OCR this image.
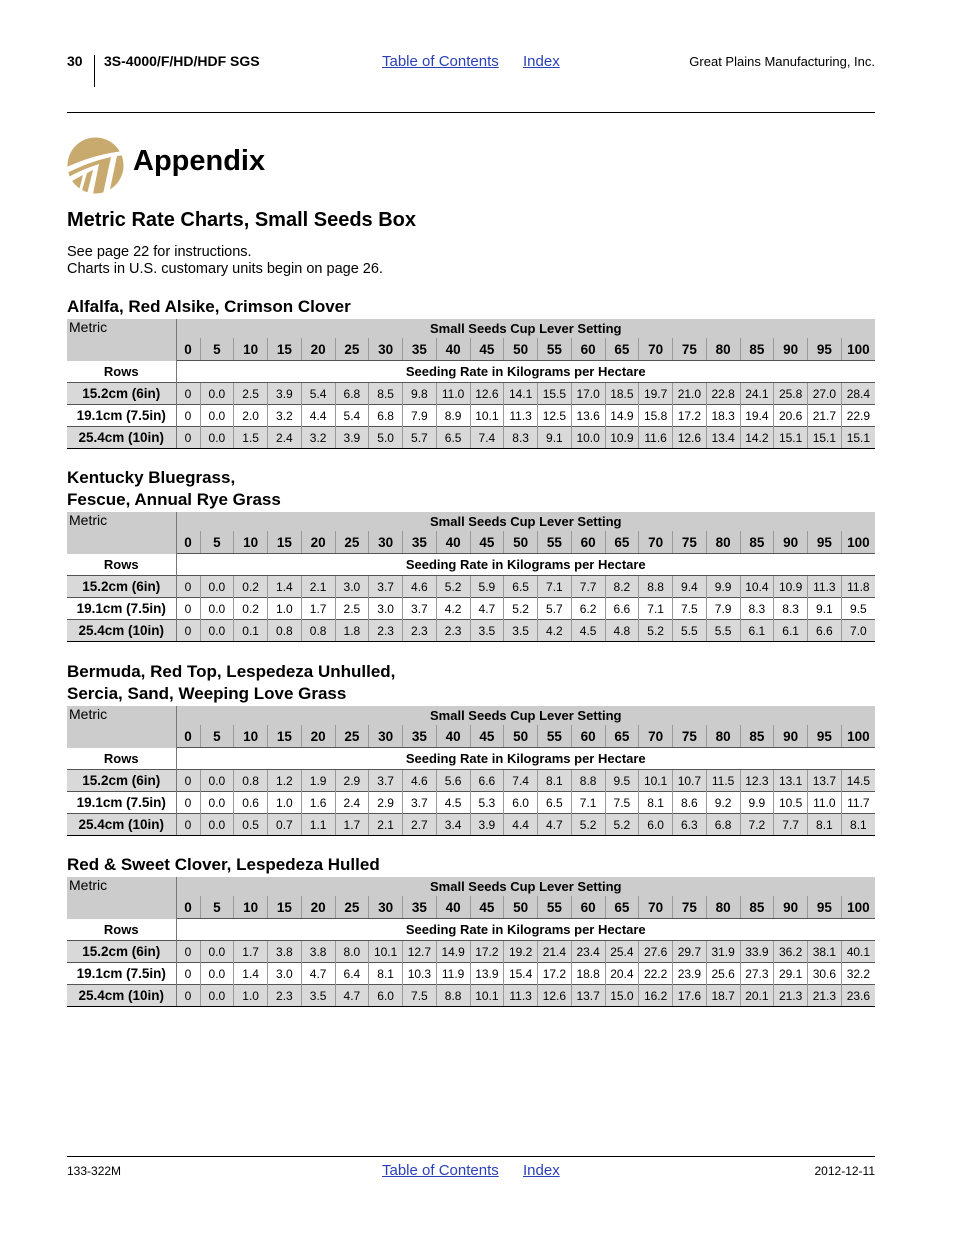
30 3S-4000/F/HD/HDF SGS	Table of Contents Index	Great Plains Manufacturing, Inc.
Appendix
Metric Rate Charts, Small Seeds Box
See page 22 for instructions.
Charts in U.S. customary units begin on page 26.
Alfalfa, Red Alsike, Crimson Clover
Metric	Small Seeds Cup Lever Setting																				
	0	5	10	15	20	25	30	35	40	45	50	55	60	65	70	75	80	85	90	95	100
Rows	Seeding Rate in Kilograms per Hectare																				
15.2cm (6in)	0	0.0	2.5	3.9	5.4	6.8	8.5	9.8	11.0	12.6	14.1	15.5	17.0	18.5	19.7	21.0	22.8	24.1	25.8	27.0	28.4
19.1cm (7.5in)	0	0.0	2.0	3.2	4.4	5.4	6.8	7.9	8.9	10.1	11.3	12.5	13.6	14.9	15.8	17.2	18.3	19.4	20.6	21.7	22.9
25.4cm (10in)	0	0.0	1.5	2.4	3.2	3.9	5.0	5.7	6.5	7.4	8.3	9.1	10.0	10.9	11.6	12.6	13.4	14.2	15.1	15.1	15.1
Kentucky Bluegrass,
Fescue, Annual Rye Grass
Metric	Small Seeds Cup Lever Setting																				
	0	5	10	15	20	25	30	35	40	45	50	55	60	65	70	75	80	85	90	95	100
Rows	Seeding Rate in Kilograms per Hectare																				
15.2cm (6in)	0	0.0	0.2	1.4	2.1	3.0	3.7	4.6	5.2	5.9	6.5	7.1	7.7	8.2	8.8	9.4	9.9	10.4	10.9	11.3	11.8
19.1cm (7.5in)	0	0.0	0.2	1.0	1.7	2.5	3.0	3.7	4.2	4.7	5.2	5.7	6.2	6.6	7.1	7.5	7.9	8.3	8.3	9.1	9.5
25.4cm (10in)	0	0.0	0.1	0.8	0.8	1.8	2.3	2.3	2.3	3.5	3.5	4.2	4.5	4.8	5.2	5.5	5.5	6.1	6.1	6.6	7.0
Bermuda, Red Top, Lespedeza Unhulled,
Sercia, Sand, Weeping Love Grass
Metric	Small Seeds Cup Lever Setting																				
	0	5	10	15	20	25	30	35	40	45	50	55	60	65	70	75	80	85	90	95	100
Rows	Seeding Rate in Kilograms per Hectare																				
15.2cm (6in)	0	0.0	0.8	1.2	1.9	2.9	3.7	4.6	5.6	6.6	7.4	8.1	8.8	9.5	10.1	10.7	11.5	12.3	13.1	13.7	14.5
19.1cm (7.5in)	0	0.0	0.6	1.0	1.6	2.4	2.9	3.7	4.5	5.3	6.0	6.5	7.1	7.5	8.1	8.6	9.2	9.9	10.5	11.0	11.7
25.4cm (10in)	0	0.0	0.5	0.7	1.1	1.7	2.1	2.7	3.4	3.9	4.4	4.7	5.2	5.2	6.0	6.3	6.8	7.2	7.7	8.1	8.1
Red & Sweet Clover, Lespedeza Hulled
Metric	Small Seeds Cup Lever Setting																				
	0	5	10	15	20	25	30	35	40	45	50	55	60	65	70	75	80	85	90	95	100
Rows	Seeding Rate in Kilograms per Hectare																				
15.2cm (6in)	0	0.0	1.7	3.8	3.8	8.0	10.1	12.7	14.9	17.2	19.2	21.4	23.4	25.4	27.6	29.7	31.9	33.9	36.2	38.1	40.1
19.1cm (7.5in)	0	0.0	1.4	3.0	4.7	6.4	8.1	10.3	11.9	13.9	15.4	17.2	18.8	20.4	22.2	23.9	25.6	27.3	29.1	30.6	32.2
25.4cm (10in)	0	0.0	1.0	2.3	3.5	4.7	6.0	7.5	8.8	10.1	11.3	12.6	13.7	15.0	16.2	17.6	18.7	20.1	21.3	21.3	23.6
133-322M	Table of Contents Index	2012-12-11
